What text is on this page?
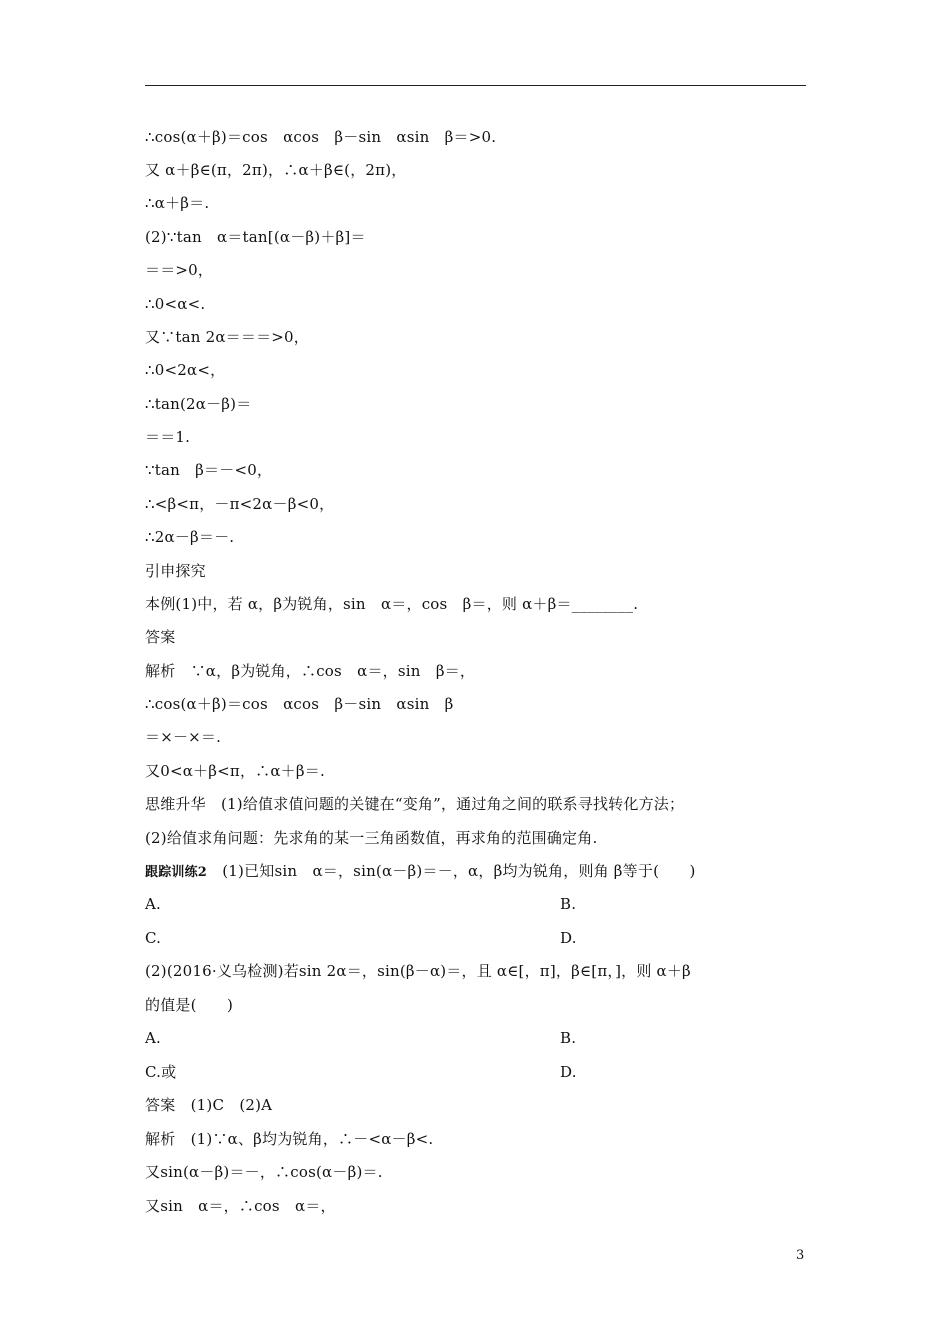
∴cos(α＋β)＝cos　αcos　β－sin　αsin　β＝>0.
又 α＋β∈(π，2π)，∴α＋β∈(，2π)，
∴α＋β＝.
(2)∵tan　α＝tan[(α－β)＋β]＝
＝＝>0，
∴0<α<.
又∵tan 2α＝＝＝>0，
∴0<2α<，
∴tan(2α－β)＝
＝＝1.
∵tan　β＝－<0，
∴<β<π，－π<2α－β<0，
∴2α－β＝－.
引申探究
本例(1)中，若 α，β为锐角，sin　α＝，cos　β＝，则 α＋β＝________.
答案
解析　∵α，β为锐角，∴cos　α＝，sin　β＝，
∴cos(α＋β)＝cos　αcos　β－sin　αsin　β
＝×－×＝.
又0<α＋β<π，∴α＋β＝.
思维升华　(1)给值求值问题的关键在“变角”，通过角之间的联系寻找转化方法；
(2)给值求角问题：先求角的某一三角函数值，再求角的范围确定角.
跟踪训练2　(1)已知sin　α＝，sin(α－β)＝－，α，β均为锐角，则角 β等于(　　)
A.	B.
C.	D.
(2)(2016·义乌检测)若sin 2α＝，sin(β－α)＝，且 α∈[，π]，β∈[π，]，则 α＋β
的值是(　　)
A.	B.
C.或	D.
答案　(1)C　(2)A
解析　(1)∵α、β均为锐角，∴－<α－β<.
又sin(α－β)＝－，∴cos(α－β)＝.
又sin　α＝，∴cos　α＝，
3
